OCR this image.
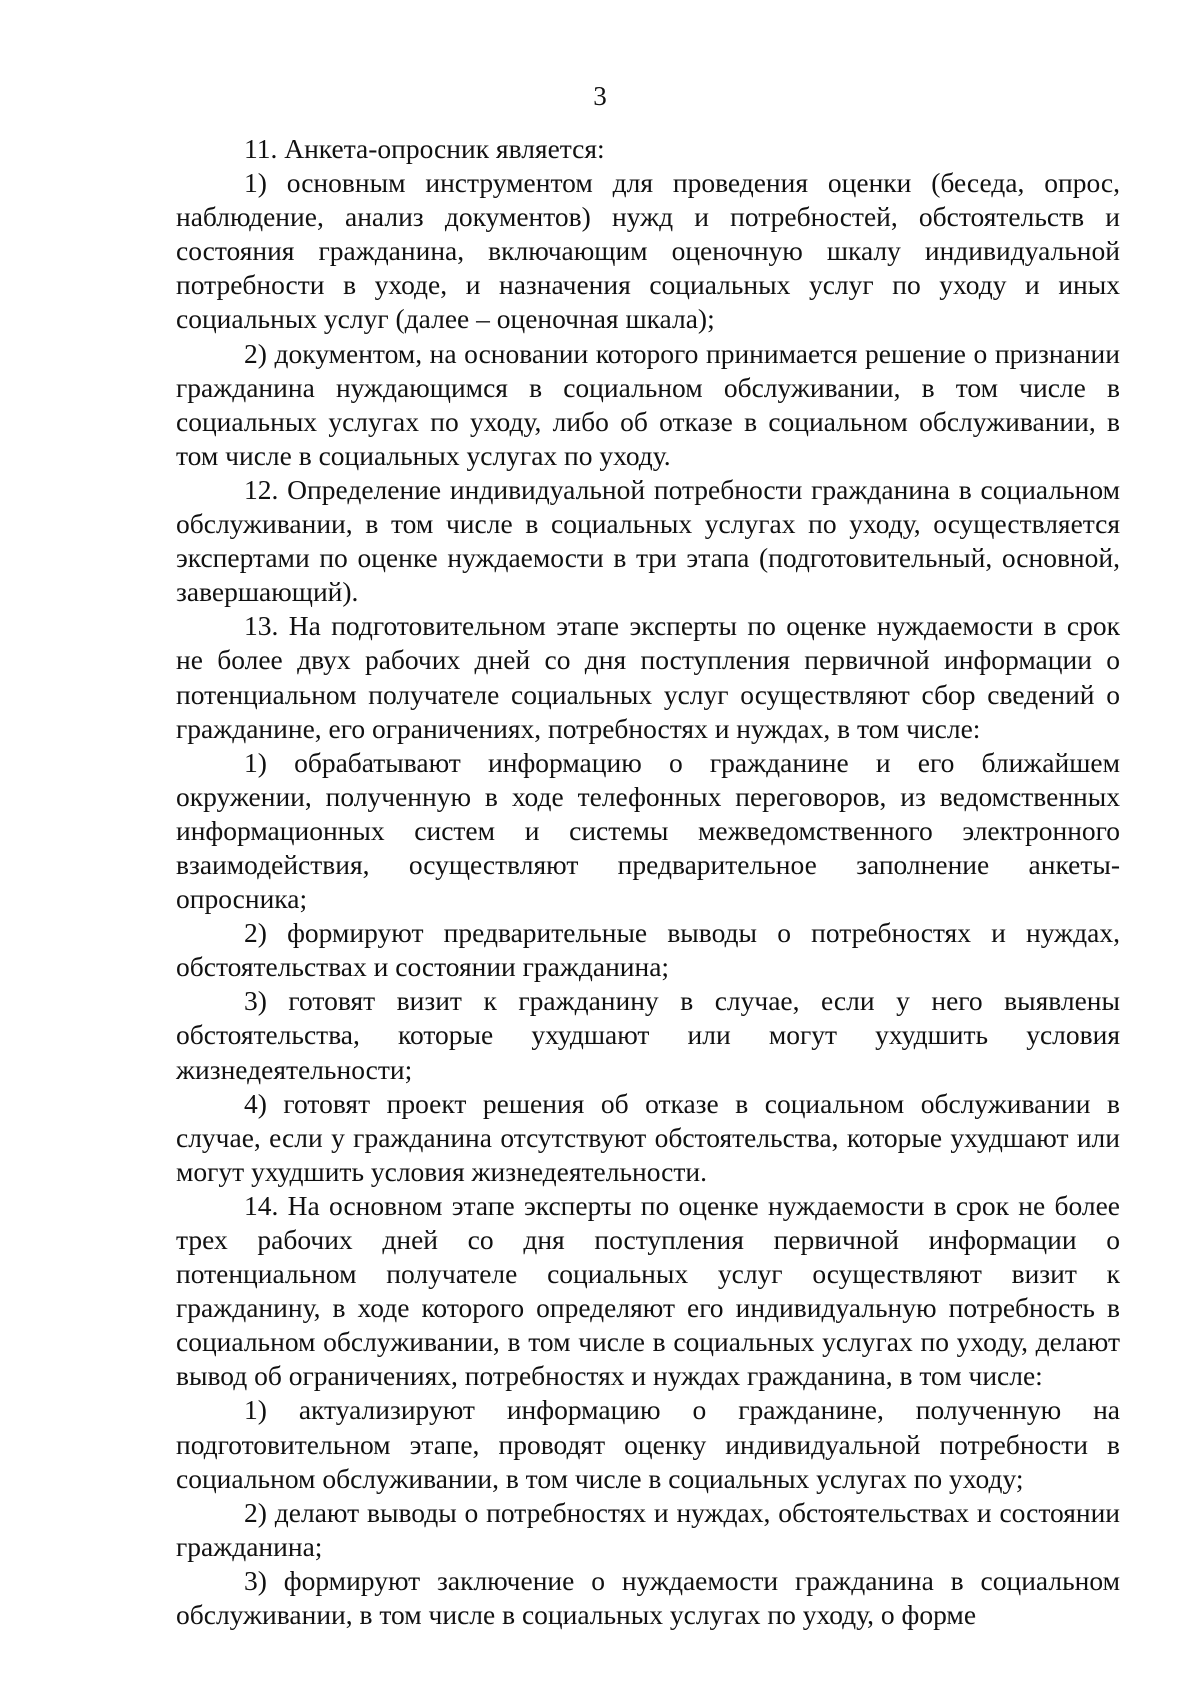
3

11. Анкета-опросник является:

1) основным инструментом для проведения оценки (беседа, опрос, наблюдение, анализ документов) нужд и потребностей, обстоятельств и состояния гражданина, включающим оценочную шкалу индивидуальной потребности в уходе, и назначения социальных услуг по уходу и иных социальных услуг (далее – оценочная шкала);

2) документом, на основании которого принимается решение о признании гражданина нуждающимся в социальном обслуживании, в том числе в социальных услугах по уходу, либо об отказе в социальном обслуживании, в том числе в социальных услугах по уходу.

12. Определение индивидуальной потребности гражданина в социальном обслуживании, в том числе в социальных услугах по уходу, осуществляется экспертами по оценке нуждаемости в три этапа (подготовительный, основной, завершающий).

13. На подготовительном этапе эксперты по оценке нуждаемости в срок не более двух рабочих дней со дня поступления первичной информации о потенциальном получателе социальных услуг осуществляют сбор сведений о гражданине, его ограничениях, потребностях и нуждах, в том числе:

1) обрабатывают информацию о гражданине и его ближайшем окружении, полученную в ходе телефонных переговоров, из ведомственных информационных систем и системы межведомственного электронного взаимодействия, осуществляют предварительное заполнение анкеты-опросника;

2) формируют предварительные выводы о потребностях и нуждах, обстоятельствах и состоянии гражданина;

3) готовят визит к гражданину в случае, если у него выявлены обстоятельства, которые ухудшают или могут ухудшить условия жизнедеятельности;

4) готовят проект решения об отказе в социальном обслуживании в случае, если у гражданина отсутствуют обстоятельства, которые ухудшают или могут ухудшить условия жизнедеятельности.

14. На основном этапе эксперты по оценке нуждаемости в срок не более трех рабочих дней со дня поступления первичной информации о потенциальном получателе социальных услуг осуществляют визит к гражданину, в ходе которого определяют его индивидуальную потребность в социальном обслуживании, в том числе в социальных услугах по уходу, делают вывод об ограничениях, потребностях и нуждах гражданина, в том числе:

1) актуализируют информацию о гражданине, полученную на подготовительном этапе, проводят оценку индивидуальной потребности в социальном обслуживании, в том числе в социальных услугах по уходу;

2) делают выводы о потребностях и нуждах, обстоятельствах и состоянии гражданина;

3) формируют заключение о нуждаемости гражданина в социальном обслуживании, в том числе в социальных услугах по уходу, о форме
